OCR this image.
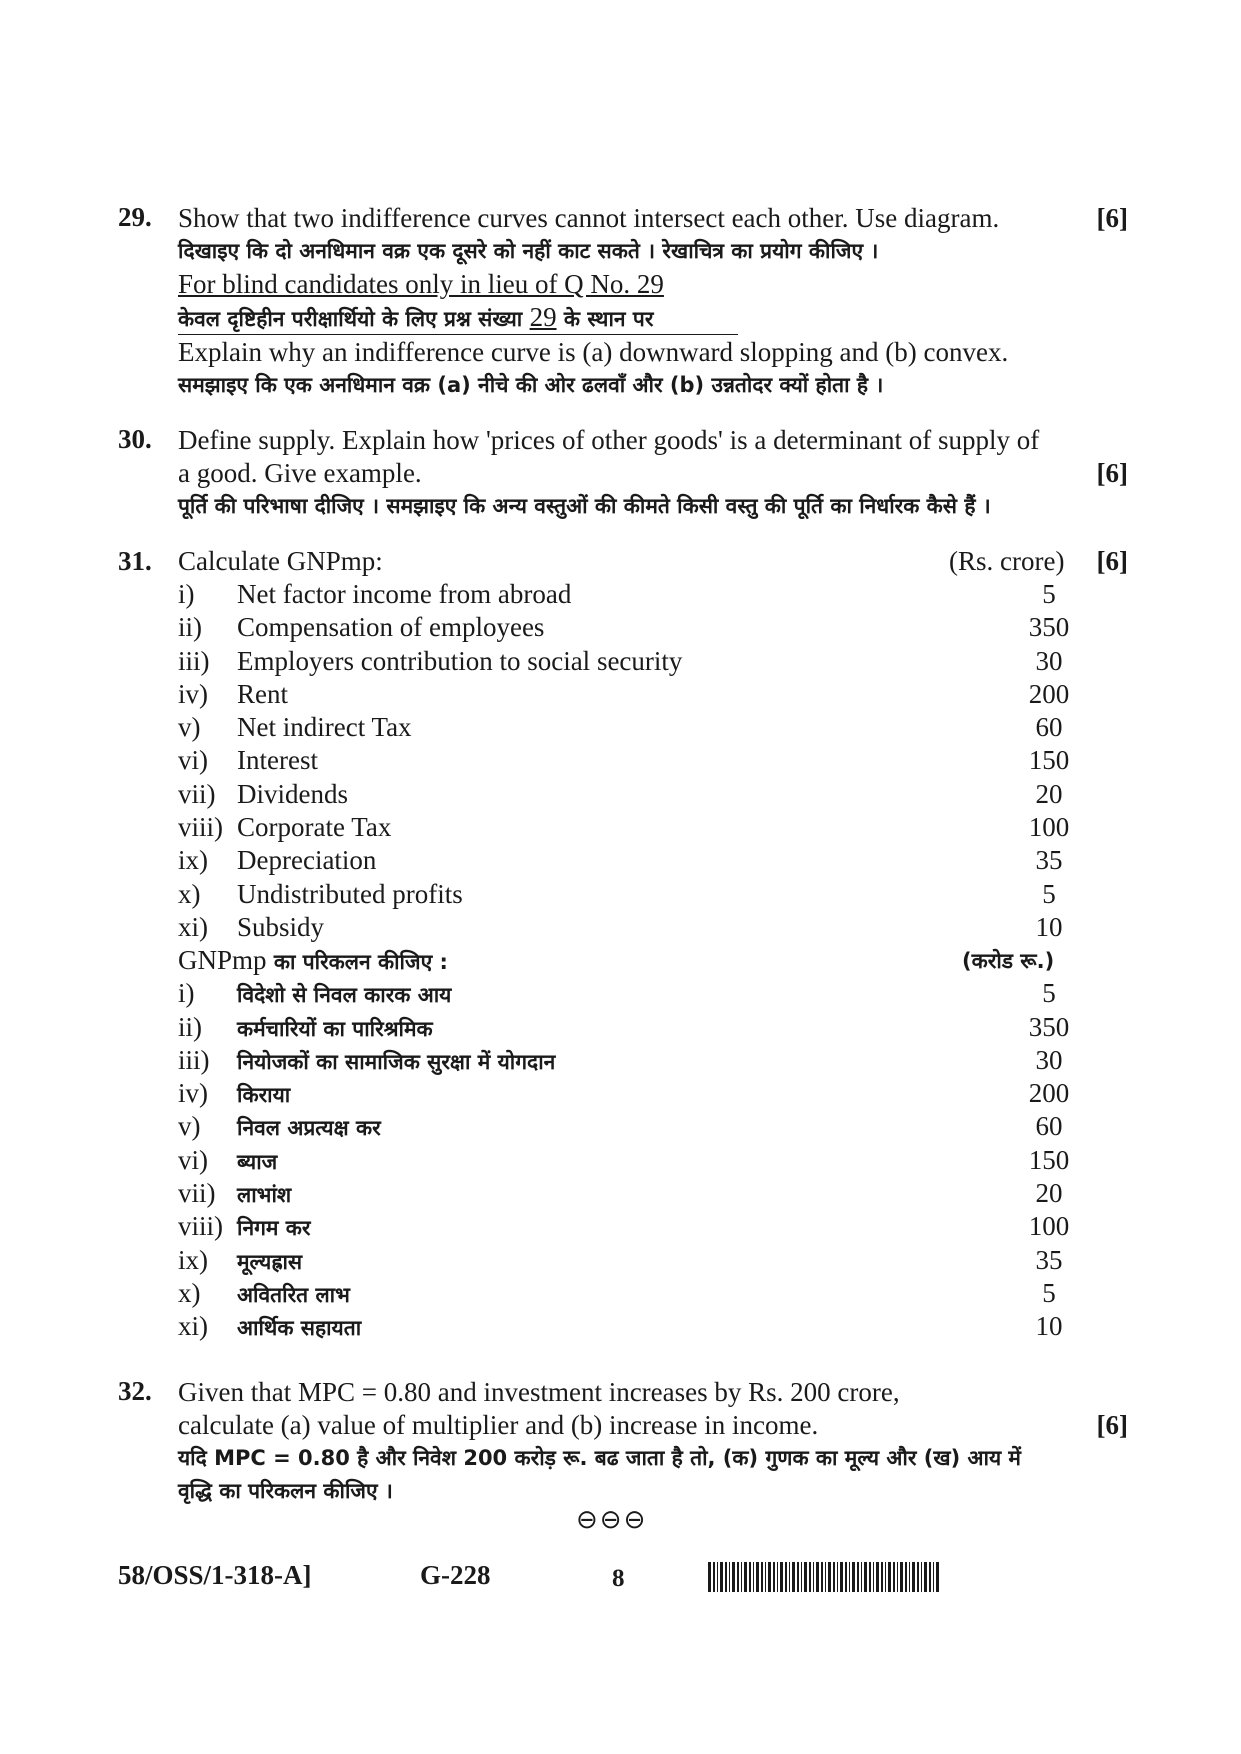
29. Show that two indifference curves cannot intersect each other. Use diagram.	[6]
दिखाइए कि दो अनधिमान वक्र एक दूसरे को नहीं काट सकते । रेखाचित्र का प्रयोग कीजिए ।
For blind candidates only in lieu of Q No. 29
केवल दृष्टिहीन परीक्षार्थियो के लिए प्रश्न संख्या 29 के स्थान पर
Explain why an indifference curve is (a) downward slopping and (b) convex.
समझाइए कि एक अनधिमान वक्र (a) नीचे की ओर ढलवॉं और (b) उन्नतोदर क्यों होता है ।
30. Define supply. Explain how 'prices of other goods' is a determinant of supply of
a good. Give example.	[6]
पूर्ति की परिभाषा दीजिए । समझाइए कि अन्य वस्तुओं की कीमते किसी वस्तु की पूर्ति का निर्धारक कैसे हैं ।
31. Calculate GNPmp:	(Rs. crore) [6]
i) Net factor income from abroad	5
ii) Compensation of employees	350
iii) Employers contribution to social security	30
iv) Rent	200
v) Net indirect Tax	60
vi) Interest	150
vii) Dividends	20
viii) Corporate Tax	100
ix) Depreciation	35
x) Undistributed profits	5
xi) Subsidy	10
GNPmp का परिकलन कीजिए :	(करोड रू.)
i) विदेशो से निवल कारक आय	5
ii) कर्मचारियों का पारिश्रमिक	350
iii) नियोजकों का सामाजिक सुरक्षा में योगदान	30
iv) किराया	200
v) निवल अप्रत्यक्ष कर	60
vi) ब्याज	150
vii) लाभांश	20
viii) निगम कर	100
ix) मूल्यह्रास	35
x) अवितरित लाभ	5
xi) आर्थिक सहायता	10
32. Given that MPC = 0.80 and investment increases by Rs. 200 crore,
calculate (a) value of multiplier and (b) increase in income.	[6]
यदि MPC = 0.80 है और निवेश 200 करोड़ रू. बढ जाता है तो, (क) गुणक का मूल्य और (ख) आय में
वृद्धि का परिकलन कीजिए ।
⊖⊖⊖
58/OSS/1-318-A]	G-228	8
